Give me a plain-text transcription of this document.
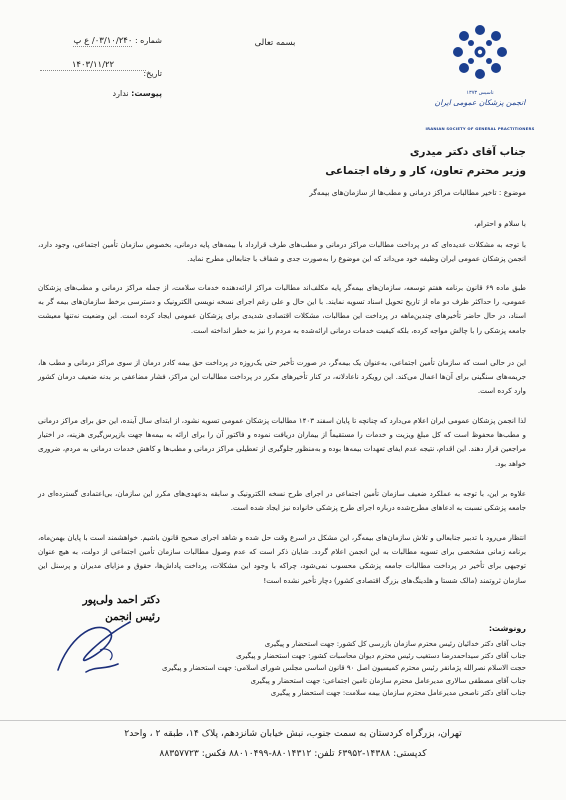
شماره : ۰۳/۱۰/۲۴۰/ ع پ
۱۴۰۳/۱۱/۲۲
تاریخ:
پیوست: ندارد
بسمه تعالی
تاسیس ۱۳۷۳
انجمن پزشکان عمومی ایران
IRANIAN SOCIETY OF GENERAL PRACTITIONERS
جناب آقای دکتر میدری
وزیر محترم تعاون، کار و رفاه اجتماعی
موضوع : تاخیر مطالبات مراکز درمانی و مطب‌ها از سازمان‌های بیمه‌گر
با سلام و احترام،
با توجه به مشکلات عدیده‌ای که در پرداخت مطالبات مراکز درمانی و مطب‌های طرف قرارداد با بیمه‌های پایه درمانی، بخصوص سازمان تأمین اجتماعی، وجود دارد، انجمن پزشکان عمومی ایران وظیفه خود می‌داند که این موضوع را به‌صورت جدی و شفاف با جنابعالی مطرح نماید.
طبق ماده ۶۹ قانون برنامه هفتم توسعه، سازمان‌های بیمه‌گر پایه مکلف‌اند مطالبات مراکز ارائه‌دهنده خدمات سلامت، از جمله مراکز درمانی و مطب‌های پزشکان عمومی، را حداکثر ظرف دو ماه از تاریخ تحویل اسناد تسویه نمایند. با این حال و علی رغم اجرای نسخه نویسی الکترونیک و دسترسی برخط سازمان‌های بیمه گر به اسناد، در حال حاضر تأخیرهای چندین‌ماهه در پرداخت این مطالبات، مشکلات اقتصادی شدیدی برای پزشکان عمومی ایجاد کرده است. این وضعیت نه‌تنها معیشت جامعه پزشکی را با چالش مواجه کرده، بلکه کیفیت خدمات درمانی ارائه‌شده به مردم را نیز به خطر انداخته است.
این در حالی است که سازمان تأمین اجتماعی، به‌عنوان یک بیمه‌گر، در صورت تأخیر حتی یک‌روزه در پرداخت حق بیمه کادر درمان از سوی مراکز درمانی و مطب ها، جریمه‌های سنگینی برای آن‌ها اعمال می‌کند. این رویکرد ناعادلانه، در کنار تأخیرهای مکرر در پرداخت مطالبات این مراکز، فشار مضاعفی بر بدنه ضعیف درمان کشور وارد کرده است.
لذا انجمن پزشکان عمومی ایران اعلام می‌دارد که چنانچه تا پایان اسفند ۱۴۰۳ مطالبات پزشکان عمومی تسویه نشود، از ابتدای سال آینده، این حق برای مراکز درمانی و مطب‌ها محفوظ است که کل مبلغ ویزیت و خدمات را مستقیماً از بیماران دریافت نموده و فاکتور آن را برای ارائه به بیمه‌ها جهت بازپرس‌گیری هزینه، در اختیار مراجعین قرار دهند. این اقدام، نتیجه عدم ایفای تعهدات بیمه‌ها بوده و به‌منظور جلوگیری از تعطیلی مراکز درمانی و مطب‌ها و کاهش خدمات درمانی به مردم، ضروری خواهد بود.
علاوه بر این، با توجه به عملکرد ضعیف سازمان تأمین اجتماعی در اجرای طرح نسخه الکترونیک و سابقه بدعهدی‌های مکرر این سازمان، بی‌اعتمادی گسترده‌ای در جامعه پزشکی نسبت به ادعاهای مطرح‌شده درباره اجرای طرح پزشکی خانواده نیز ایجاد شده است.
انتظار می‌رود با تدبیر جنابعالی و تلاش سازمان‌های بیمه‌گر، این مشکل در اسرع وقت حل شده و شاهد اجرای صحیح قانون باشیم. خواهشمند است با پایان بهمن‌ماه، برنامه زمانی مشخصی برای تسویه مطالبات به این انجمن اعلام گردد. شایان ذکر است که عدم وصول مطالبات سازمان تأمین اجتماعی از دولت، به هیچ عنوان توجیهی برای تأخیر در پرداخت مطالبات جامعه پزشکی محسوب نمی‌شود، چراکه با وجود این مشکلات، پرداخت پاداش‌ها، حقوق و مزایای مدیران و پرسنل این سازمان ثروتمند (مالک شستا و هلدینگ‌های بزرگ اقتصادی کشور) دچار تأخیر نشده است!
دکتر احمد ولی‌پور
رئیس انجمن
رونوشت:
جناب آقای دکتر خدائیان رئیس محترم سازمان بازرسی کل کشور: جهت استحضار و پیگیری
جناب آقای دکتر سیداحمدرضا دستغیب رئیس محترم دیوان محاسبات کشور: جهت استحضار و پیگیری
حجت الاسلام نصرالله پژمانفر رئیس محترم کمیسیون اصل ۹۰ قانون اساسی مجلس شورای اسلامی: جهت استحضار و پیگیری
جناب آقای مصطفی سالاری مدیرعامل محترم سازمان تامین اجتماعی: جهت استحضار و پیگیری
جناب آقای دکتر ناصحی مدیرعامل محترم سازمان بیمه سلامت: جهت استحضار و پیگیری
تهران، بزرگراه کردستان به سمت جنوب، نبش خیابان شانزدهم، پلاک ۱۴، طبقه ۲ ، واحد۲
کدپستی: ۱۴۳۸۸-۶۳۹۵۲ تلفن: ۸۸۰۱۴۳۱۲-۸۸۰۱۰۴۹۹ فکس: ۸۸۳۵۷۷۲۳
